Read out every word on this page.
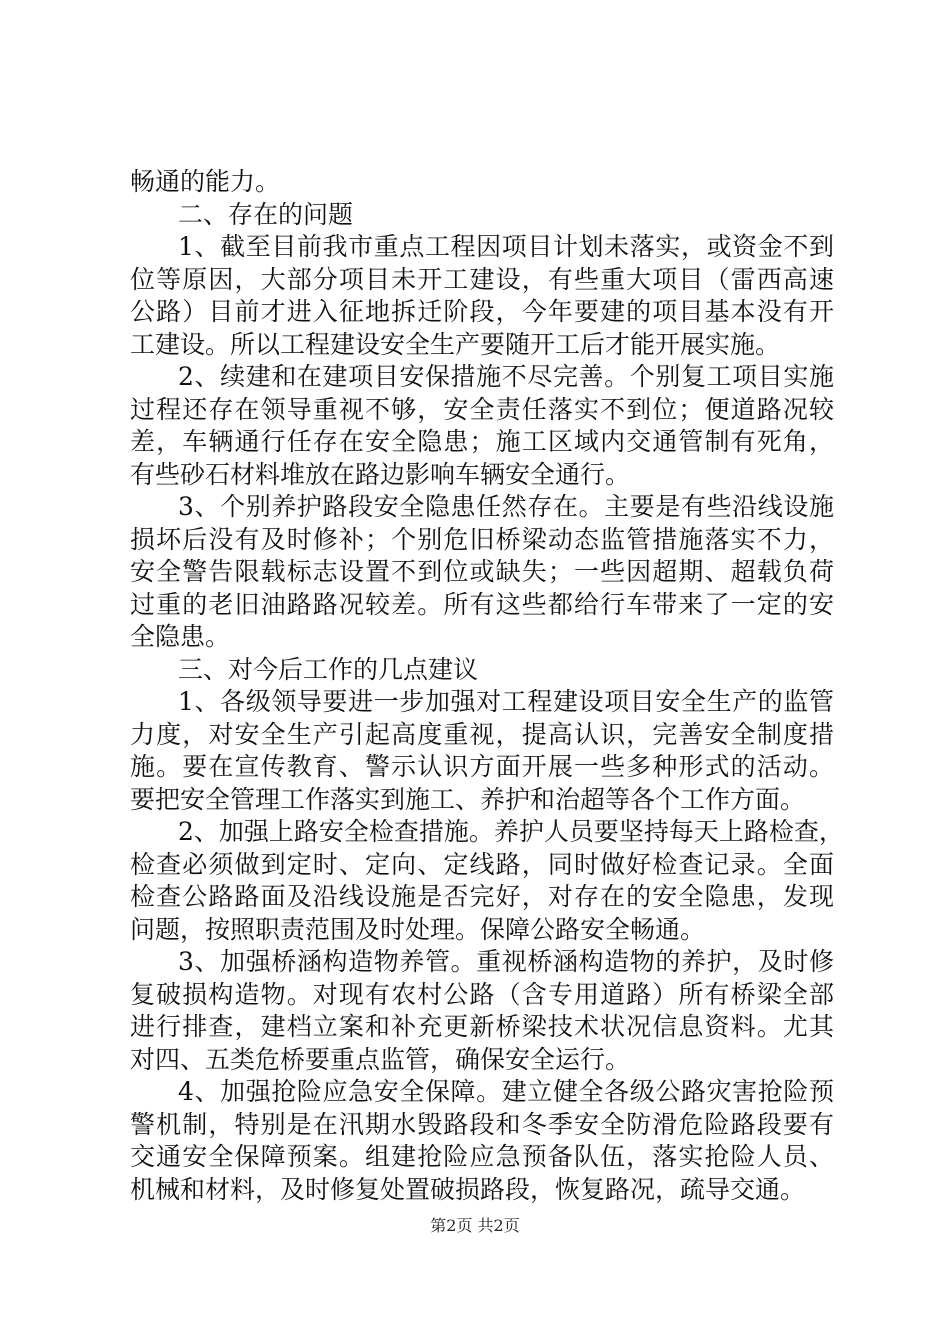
畅通的能力。
二、存在的问题
1、截至目前我市重点工程因项目计划未落实，或资金不到
位等原因，大部分项目未开工建设，有些重大项目（雷西高速
公路）目前才进入征地拆迁阶段，今年要建的项目基本没有开
工建设。所以工程建设安全生产要随开工后才能开展实施。
2、续建和在建项目安保措施不尽完善。个别复工项目实施
过程还存在领导重视不够，安全责任落实不到位；便道路况较
差，车辆通行任存在安全隐患；施工区域内交通管制有死角，
有些砂石材料堆放在路边影响车辆安全通行。
3、个别养护路段安全隐患任然存在。主要是有些沿线设施
损坏后没有及时修补；个别危旧桥梁动态监管措施落实不力，
安全警告限载标志设置不到位或缺失；一些因超期、超载负荷
过重的老旧油路路况较差。所有这些都给行车带来了一定的安
全隐患。
三、对今后工作的几点建议
1、各级领导要进一步加强对工程建设项目安全生产的监管
力度，对安全生产引起高度重视，提高认识，完善安全制度措
施。要在宣传教育、警示认识方面开展一些多种形式的活动。
要把安全管理工作落实到施工、养护和治超等各个工作方面。
2、加强上路安全检查措施。养护人员要坚持每天上路检查，
检查必须做到定时、定向、定线路，同时做好检查记录。全面
检查公路路面及沿线设施是否完好，对存在的安全隐患，发现
问题，按照职责范围及时处理。保障公路安全畅通。
3、加强桥涵构造物养管。重视桥涵构造物的养护，及时修
复破损构造物。对现有农村公路（含专用道路）所有桥梁全部
进行排查，建档立案和补充更新桥梁技术状况信息资料。尤其
对四、五类危桥要重点监管，确保安全运行。
4、加强抢险应急安全保障。建立健全各级公路灾害抢险预
警机制，特别是在汛期水毁路段和冬季安全防滑危险路段要有
交通安全保障预案。组建抢险应急预备队伍，落实抢险人员、
机械和材料，及时修复处置破损路段，恢复路况，疏导交通。
第2页 共2页
